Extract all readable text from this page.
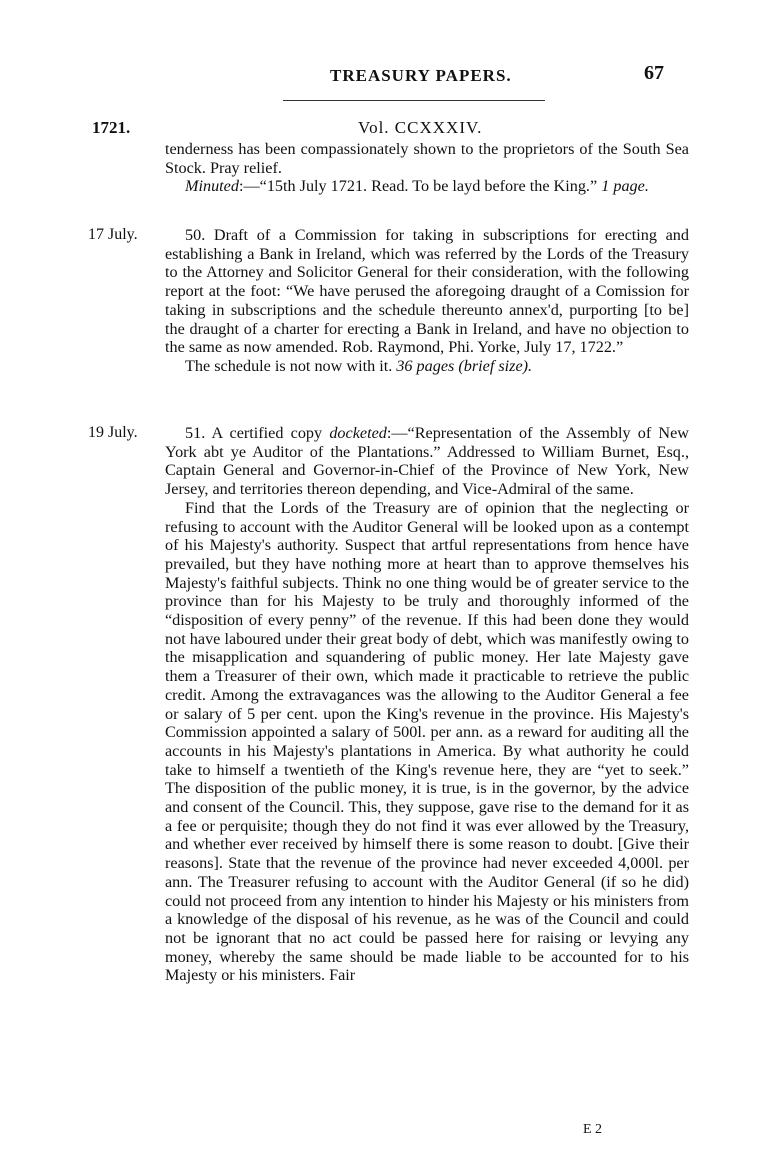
TREASURY PAPERS.	67
1721.	Vol. CCXXXIV.

tenderness has been compassionately shown to the proprietors of the South Sea Stock. Pray relief.

Minuted:—“15th July 1721. Read. To be layd before the King.” 1 page.

17 July.	50. Draft of a Commission for taking in subscriptions for erecting and establishing a Bank in Ireland, which was referred by the Lords of the Treasury to the Attorney and Solicitor General for their consideration, with the following report at the foot: “We have perused the aforegoing draught of a Comission for taking in subscriptions and the schedule thereunto annex'd, purporting [to be] the draught of a charter for erecting a Bank in Ireland, and have no objection to the same as now amended. Rob. Raymond, Phi. Yorke, July 17, 1722.”

The schedule is not now with it. 36 pages (brief size).

19 July.	51. A certified copy docketed:—“Representation of the Assembly of New York abt ye Auditor of the Plantations.” Addressed to William Burnet, Esq., Captain General and Governor-in-Chief of the Province of New York, New Jersey, and territories thereon depending, and Vice-Admiral of the same.

Find that the Lords of the Treasury are of opinion that the neglecting or refusing to account with the Auditor General will be looked upon as a contempt of his Majesty's authority. Suspect that artful representations from hence have prevailed, but they have nothing more at heart than to approve themselves his Majesty's faithful subjects. Think no one thing would be of greater service to the province than for his Majesty to be truly and thoroughly informed of the “disposition of every penny” of the revenue. If this had been done they would not have laboured under their great body of debt, which was manifestly owing to the misapplication and squandering of public money. Her late Majesty gave them a Treasurer of their own, which made it practicable to retrieve the public credit. Among the extravagances was the allowing to the Auditor General a fee or salary of 5 per cent. upon the King's revenue in the province. His Majesty's Commission appointed a salary of 500l. per ann. as a reward for auditing all the accounts in his Majesty's plantations in America. By what authority he could take to himself a twentieth of the King's revenue here, they are “yet to seek.” The disposition of the public money, it is true, is in the governor, by the advice and consent of the Council. This, they suppose, gave rise to the demand for it as a fee or perquisite; though they do not find it was ever allowed by the Treasury, and whether ever received by himself there is some reason to doubt. [Give their reasons]. State that the revenue of the province had never exceeded 4,000l. per ann. The Treasurer refusing to account with the Auditor General (if so he did) could not proceed from any intention to hinder his Majesty or his ministers from a knowledge of the disposal of his revenue, as he was of the Council and could not be ignorant that no act could be passed here for raising or levying any money, whereby the same should be made liable to be accounted for to his Majesty or his ministers. Fair

E 2
